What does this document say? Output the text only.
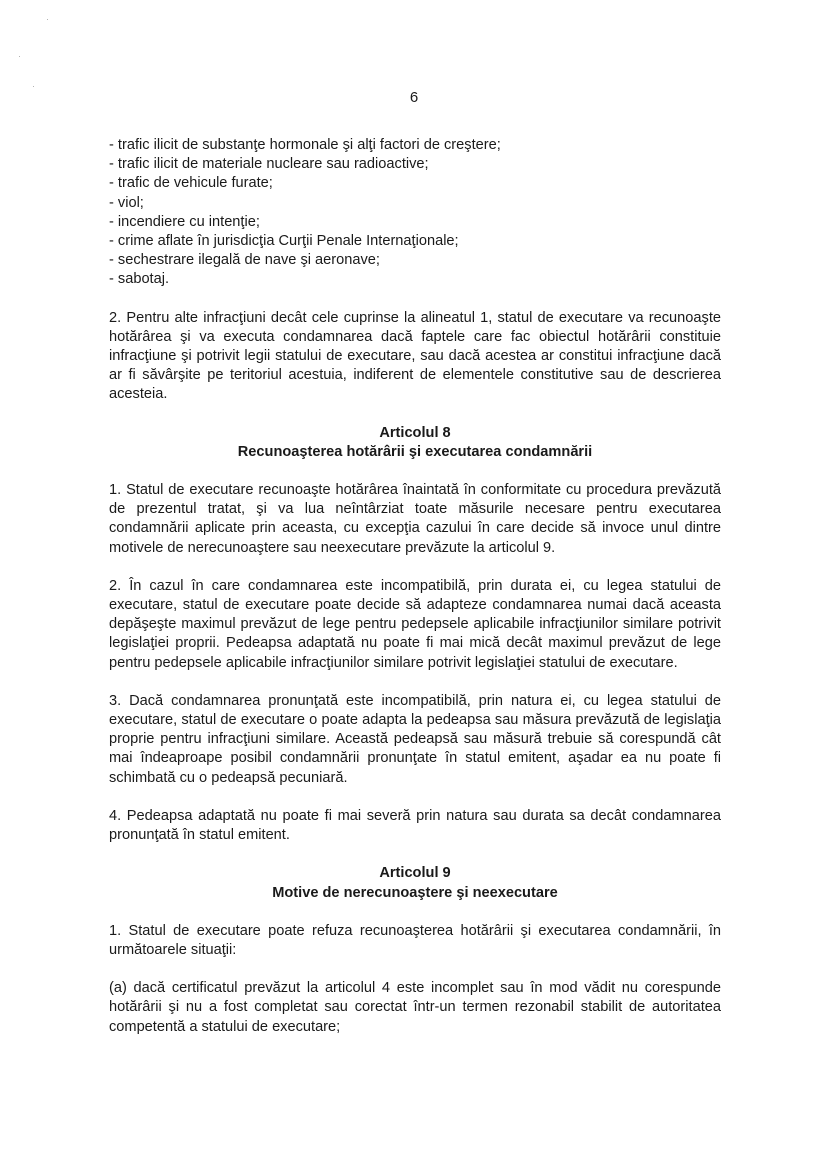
6

- trafic ilicit de substanţe hormonale şi alţi factori de creştere;

- trafic ilicit de materiale nucleare sau radioactive;

- trafic de vehicule furate;

- viol;

- incendiere cu intenţie;

- crime aflate în jurisdicţia Curţii Penale Internaţionale;

- sechestrare ilegală de nave şi aeronave;

- sabotaj.

2. Pentru alte infracţiuni decât cele cuprinse la alineatul 1, statul de executare va recunoaşte hotărârea şi va executa condamnarea dacă faptele care fac obiectul hotărârii constituie infracţiune şi potrivit legii statului de executare, sau dacă acestea ar constitui infracţiune dacă ar fi săvârşite pe teritoriul acestuia, indiferent de elementele constitutive sau de descrierea acesteia.

Articolul 8

Recunoaşterea hotărârii şi executarea condamnării

1. Statul de executare recunoaşte hotărârea înaintată în conformitate cu procedura prevăzută de prezentul tratat, şi va lua neîntârziat toate măsurile necesare pentru executarea condamnării aplicate prin aceasta, cu excepţia cazului în care decide să invoce unul dintre motivele de nerecunoaştere sau neexecutare prevăzute la articolul 9.

2. În cazul în care condamnarea este incompatibilă, prin durata ei, cu legea statului de executare, statul de executare poate decide să adapteze condamnarea numai dacă aceasta depăşeşte maximul prevăzut de lege pentru pedepsele aplicabile infracţiunilor similare potrivit legislaţiei proprii. Pedeapsa adaptată nu poate fi mai mică decât maximul prevăzut de lege pentru pedepsele aplicabile infracţiunilor similare potrivit legislaţiei statului de executare.

3. Dacă condamnarea pronunţată este incompatibilă, prin natura ei, cu legea statului de executare, statul de executare o poate adapta la pedeapsa sau măsura prevăzută de legislaţia proprie pentru infracţiuni similare. Această pedeapsă sau măsură trebuie să corespundă cât mai îndeaproape posibil condamnării pronunţate în statul emitent, aşadar ea nu poate fi schimbată cu o pedeapsă pecuniară.

4. Pedeapsa adaptată nu poate fi mai severă prin natura sau durata sa decât condamnarea pronunţată în statul emitent.

Articolul 9

Motive de nerecunoaştere şi neexecutare

1. Statul de executare poate refuza recunoaşterea hotărârii şi executarea condamnării, în următoarele situaţii:

(a) dacă certificatul prevăzut la articolul 4 este incomplet sau în mod vădit nu corespunde hotărârii şi nu a fost completat sau corectat într-un termen rezonabil stabilit de autoritatea competentă a statului de executare;
